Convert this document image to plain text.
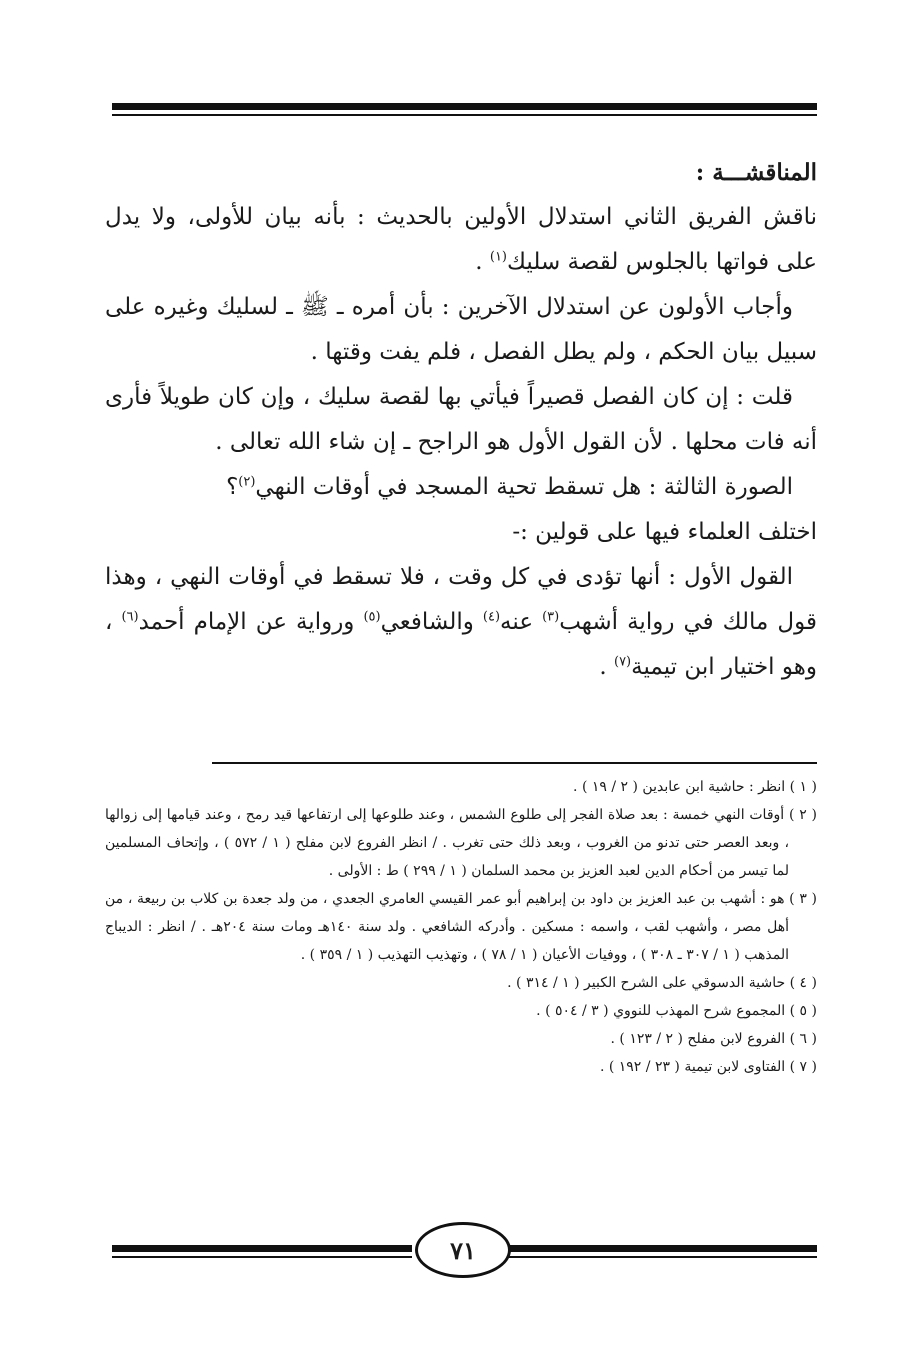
المناقشـــة :

ناقش الفريق الثاني استدلال الأولين بالحديث : بأنه بيان للأولى، ولا يدل على فواتها بالجلوس لقصة سليك$^{(١)}$ .

وأجاب الأولون عن استدلال الآخرين : بأن أمره ـ ﷺ ـ لسليك وغيره على سبيل بيان الحكم ، ولم يطل الفصل ، فلم يفت وقتها .

قلت : إن كان الفصل قصيراً فيأتي بها لقصة سليك ، وإن كان طويلاً فأرى أنه فات محلها . لأن القول الأول هو الراجح ـ إن شاء الله تعالى .

الصورة الثالثة : هل تسقط تحية المسجد في أوقات النهي$^{(٢)}$؟

اختلف العلماء فيها على قولين :-

القول الأول : أنها تؤدى في كل وقت ، فلا تسقط في أوقات النهي ، وهذا قول مالك في رواية أشهب$^{(٣)}$ عنه$^{(٤)}$ والشافعي$^{(٥)}$ ورواية عن الإمام أحمد$^{(٦)}$ ، وهو اختيار ابن تيمية$^{(٧)}$ .

( ١ ) انظر : حاشية ابن عابدين ( ٢ / ١٩ ) .

( ٢ ) أوقات النهي خمسة : بعد صلاة الفجر إلى طلوع الشمس ، وعند طلوعها إلى ارتفاعها قيد رمح ، وعند قيامها إلى زوالها ، وبعد العصر حتى تدنو من الغروب ، وبعد ذلك حتى تغرب . / انظر الفروع لابن مفلح ( ١ / ٥٧٢ ) ، وإتحاف المسلمين لما تيسر من أحكام الدين لعبد العزيز بن محمد السلمان ( ١ / ٢٩٩ ) ط : الأولى .

( ٣ ) هو : أشهب بن عبد العزيز بن داود بن إبراهيم أبو عمر القيسي العامري الجعدي ، من ولد جعدة بن كلاب بن ربيعة ، من أهل مصر ، وأشهب لقب ، واسمه : مسكين . وأدركه الشافعي . ولد سنة ١٤٠هـ ومات سنة ٢٠٤هـ . / انظر : الديباج المذهب ( ١ / ٣٠٧ ـ ٣٠٨ ) ، ووفيات الأعيان ( ١ / ٧٨ ) ، وتهذيب التهذيب ( ١ / ٣٥٩ ) .

( ٤ ) حاشية الدسوقي على الشرح الكبير ( ١ / ٣١٤ ) .

( ٥ ) المجموع شرح المهذب للنووي ( ٣ / ٥٠٤ ) .

( ٦ ) الفروع لابن مفلح ( ٢ / ١٢٣ ) .

( ٧ ) الفتاوى لابن تيمية ( ٢٣ / ١٩٢ ) .

٧١
